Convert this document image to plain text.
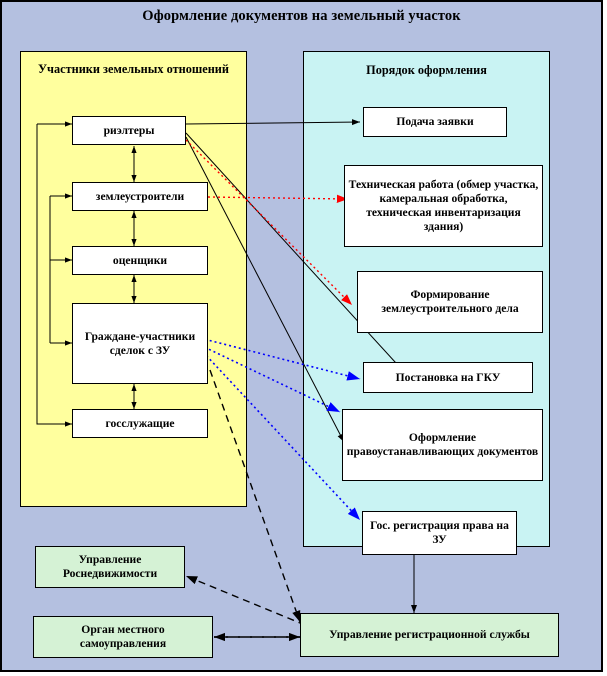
Оформление документов на земельный участок
Участники земельных отношений	Порядок оформления
риэлтеры
землеустроители
оценщики
Граждане-участники сделок с ЗУ
госслужащие
Подача заявки
Техническая работа (обмер участка, камеральная обработка, техническая инвентаризация здания)
Формирование землеустроительного дела
Постановка на ГКУ
Оформление правоустанавливающих документов
Гос. регистрация права на ЗУ
Управление Роснедвижимости
Орган местного самоуправления
Управление регистрационной службы
